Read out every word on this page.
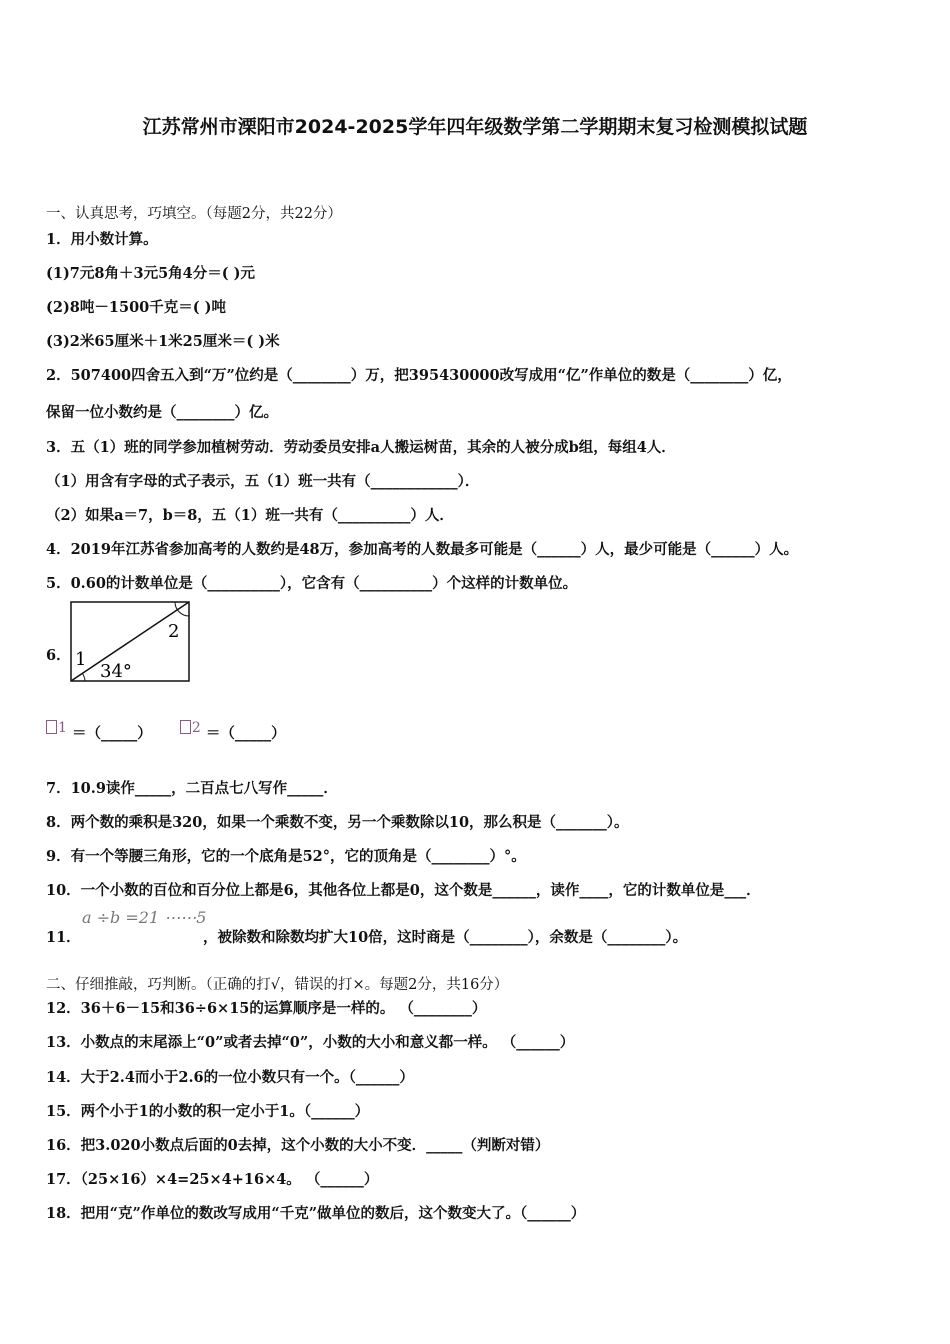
江苏常州市溧阳市2024-2025学年四年级数学第二学期期末复习检测模拟试题
一、认真思考，巧填空。（每题2分，共22分）
1．用小数计算。
(1)7元8角＋3元5角4分＝( )元
(2)8吨－1500千克＝( )吨
(3)2米65厘米＋1米25厘米＝( )米
2．507400四舍五入到“万”位约是（________）万，把395430000改写成用“亿”作单位的数是（________）亿，
保留一位小数约是（________）亿。
3．五（1）班的同学参加植树劳动．劳动委员安排a人搬运树苗，其余的人被分成b组，每组4人．
（1）用含有字母的式子表示，五（1）班一共有（____________）．
（2）如果a＝7，b＝8，五（1）班一共有（__________）人．
4．2019年江苏省参加高考的人数约是48万，参加高考的人数最多可能是（______）人，最少可能是（______）人。
5．0.60的计数单位是（__________），它含有（__________）个这样的计数单位。
6． 1
2
34°
1 ＝（_____）	2 ＝（_____）
7．10.9读作_____，二百点七八写作_____．
8．两个数的乘积是320，如果一个乘数不变，另一个乘数除以10，那么积是（_______）。
9．有一个等腰三角形，它的一个底角是52°，它的顶角是（________）°。
10．一个小数的百位和百分位上都是6，其他各位上都是0，这个数是______，读作____，它的计数单位是___．
11．
a ÷b =21 ⋯⋯5
，被除数和除数均扩大10倍，这时商是（________），余数是（________）。
二、仔细推敲，巧判断。（正确的打√，错误的打×。每题2分，共16分）
12．36＋6－15和36÷6×15的运算顺序是一样的。 （________）
13．小数点的末尾添上“0”或者去掉“0”，小数的大小和意义都一样。 （______）
14．大于2.4而小于2.6的一位小数只有一个。（______）
15．两个小于1的小数的积一定小于1。（______）
16．把3.020小数点后面的0去掉，这个小数的大小不变．_____（判断对错）
17．（25×16）×4=25×4+16×4。 （______）
18．把用“克”作单位的数改写成用“千克”做单位的数后，这个数变大了。（______）
